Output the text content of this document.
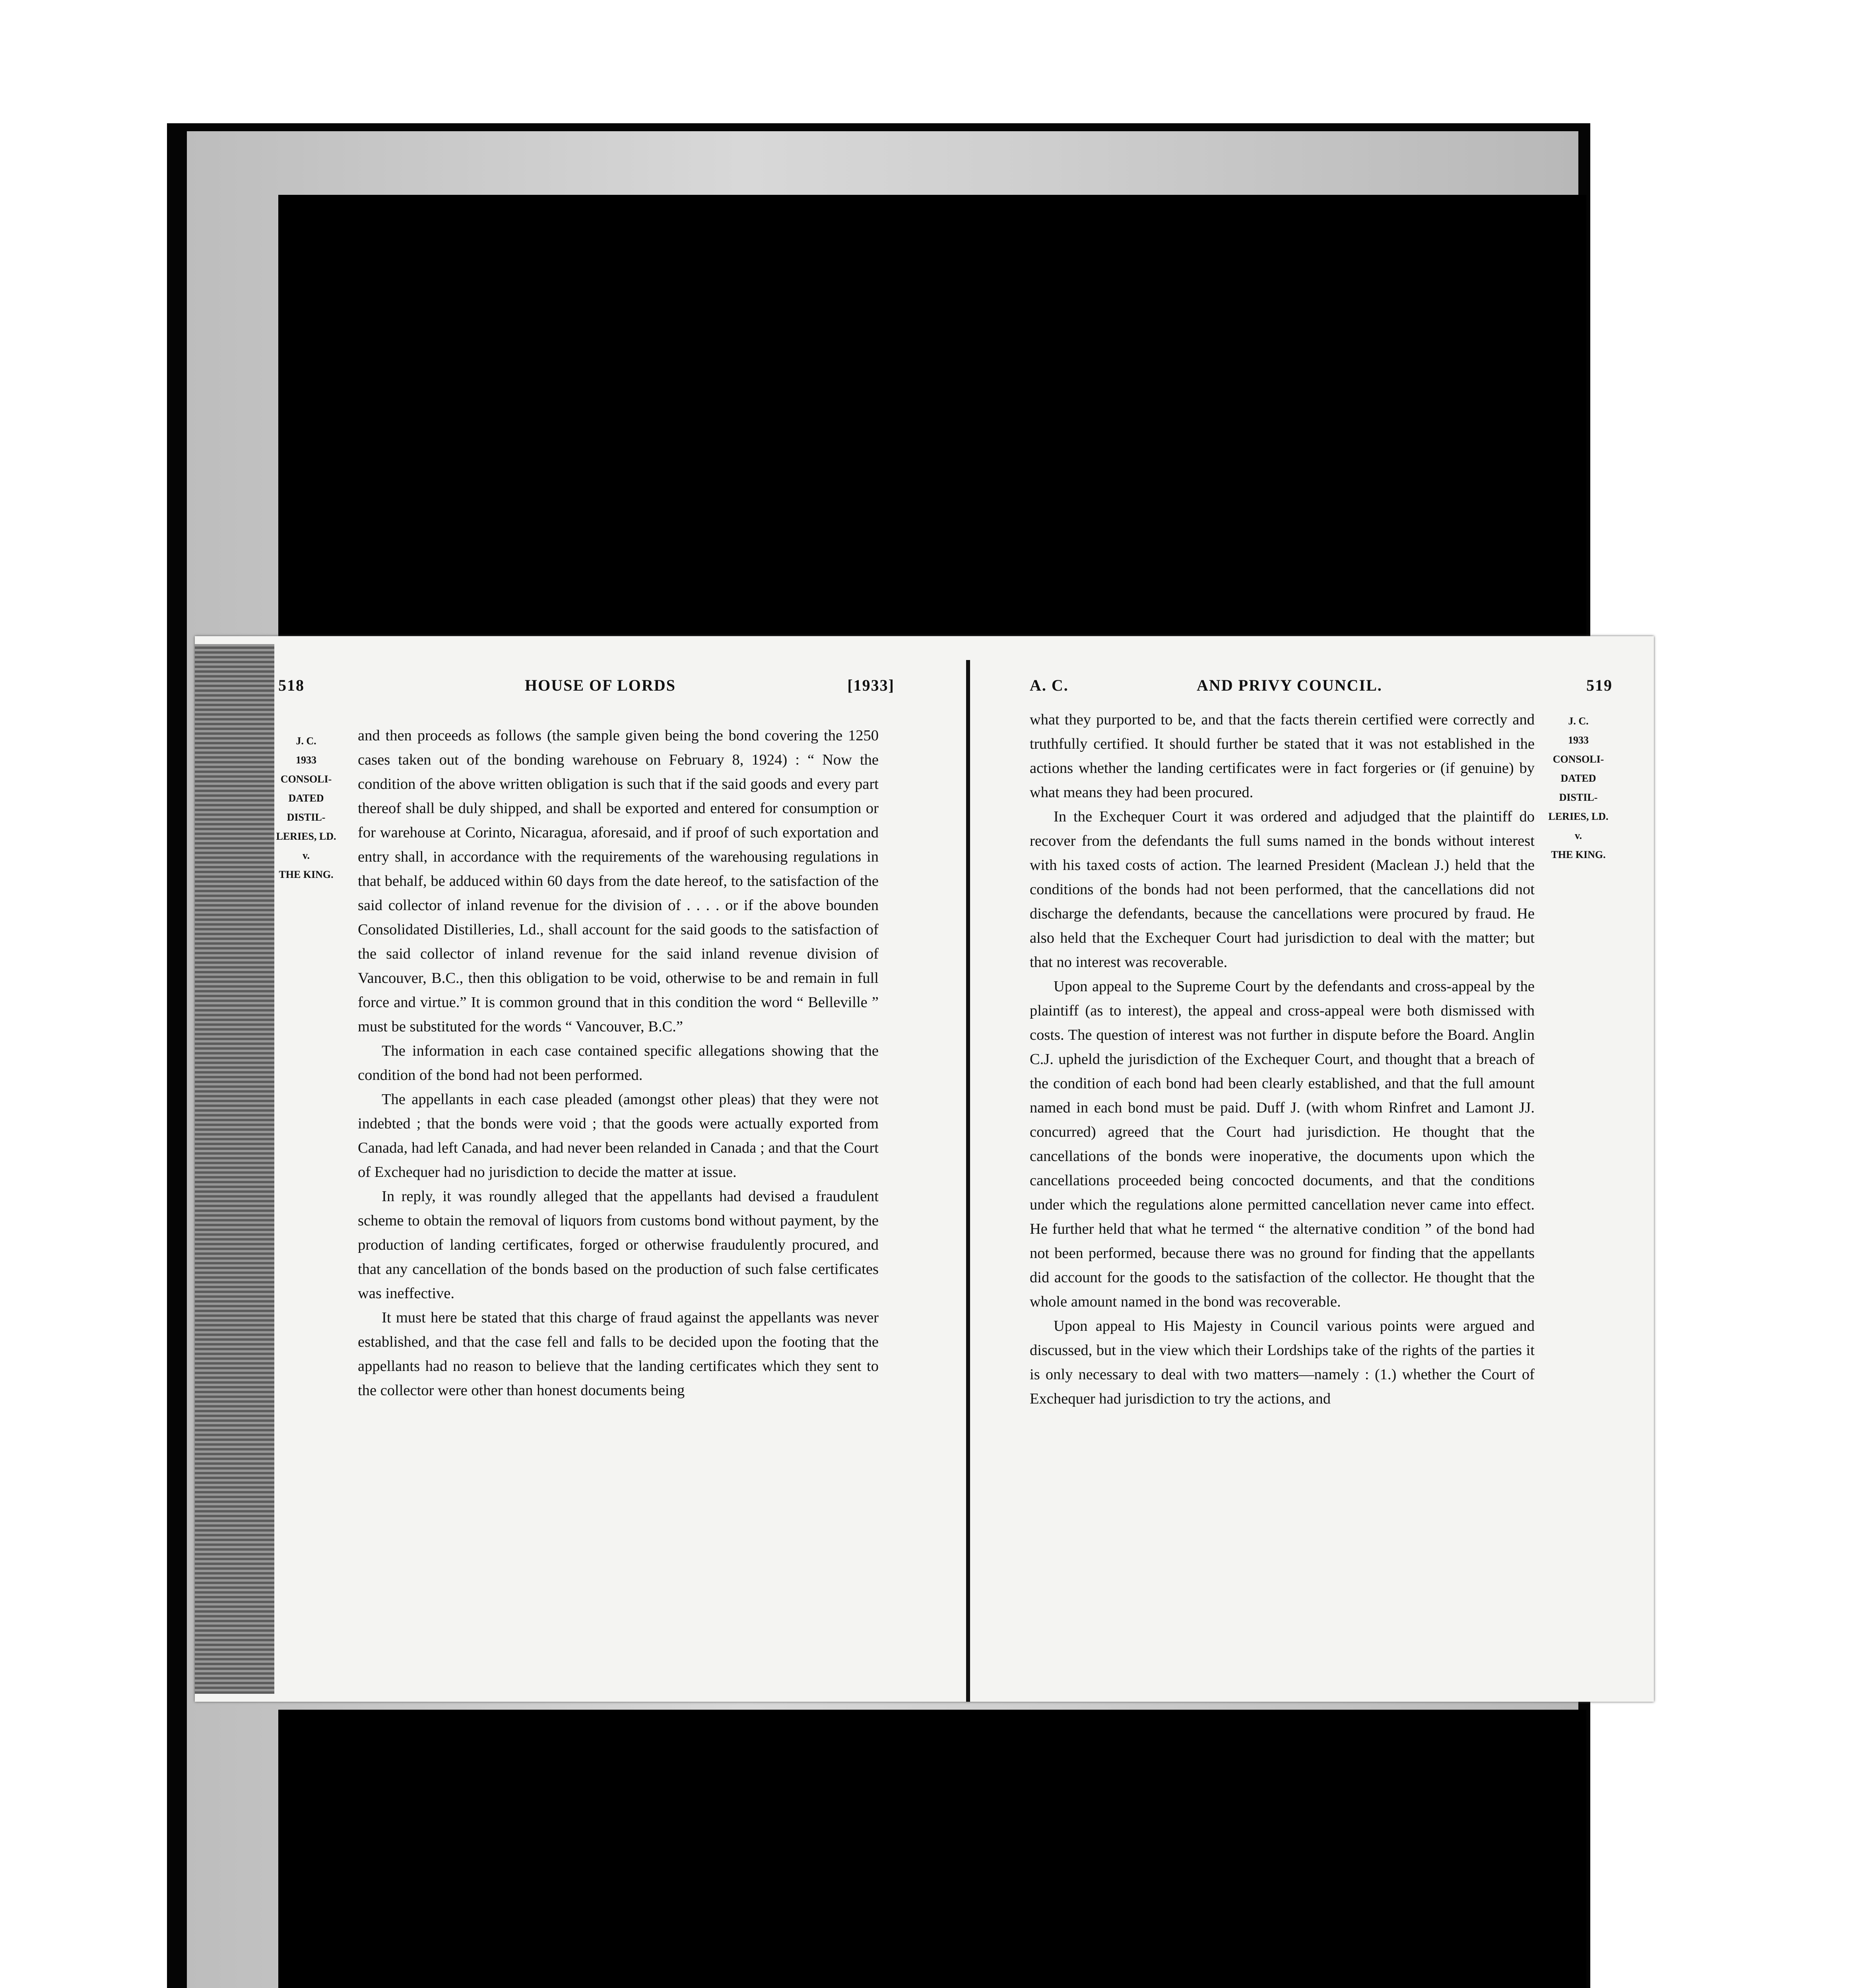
518	HOUSE OF LORDS	[1933]
J. C.
1933
CONSOLI-
DATED
DISTIL-
LERIES, LD.
v.
THE KING.

and then proceeds as follows (the sample given being the bond covering the 1250 cases taken out of the bonding warehouse on February 8, 1924) : “ Now the condition of the above written obligation is such that if the said goods and every part thereof shall be duly shipped, and shall be exported and entered for consumption or for warehouse at Corinto, Nicaragua, aforesaid, and if proof of such exportation and entry shall, in accordance with the requirements of the warehousing regulations in that behalf, be adduced within 60 days from the date hereof, to the satisfaction of the said collector of inland revenue for the division of . . . . or if the above bounden Consolidated Distilleries, Ld., shall account for the said goods to the satisfaction of the said collector of inland revenue for the said inland revenue division of Vancouver, B.C., then this obligation to be void, otherwise to be and remain in full force and virtue.” It is common ground that in this condition the word “ Belleville ” must be substituted for the words “ Vancouver, B.C.”

The information in each case contained specific allegations showing that the condition of the bond had not been performed.

The appellants in each case pleaded (amongst other pleas) that they were not indebted ; that the bonds were void ; that the goods were actually exported from Canada, had left Canada, and had never been relanded in Canada ; and that the Court of Exchequer had no jurisdiction to decide the matter at issue.

In reply, it was roundly alleged that the appellants had devised a fraudulent scheme to obtain the removal of liquors from customs bond without payment, by the production of landing certificates, forged or otherwise fraudulently procured, and that any cancellation of the bonds based on the production of such false certificates was ineffective.

It must here be stated that this charge of fraud against the appellants was never established, and that the case fell and falls to be decided upon the footing that the appellants had no reason to believe that the landing certificates which they sent to the collector were other than honest documents being

A. C.	AND PRIVY COUNCIL.	519
J. C.
1933
CONSOLI-
DATED
DISTIL-
LERIES, LD.
v.
THE KING.

what they purported to be, and that the facts therein certified were correctly and truthfully certified. It should further be stated that it was not established in the actions whether the landing certificates were in fact forgeries or (if genuine) by what means they had been procured.

In the Exchequer Court it was ordered and adjudged that the plaintiff do recover from the defendants the full sums named in the bonds without interest with his taxed costs of action. The learned President (Maclean J.) held that the conditions of the bonds had not been performed, that the cancellations did not discharge the defendants, because the cancellations were procured by fraud. He also held that the Exchequer Court had jurisdiction to deal with the matter; but that no interest was recoverable.

Upon appeal to the Supreme Court by the defendants and cross-appeal by the plaintiff (as to interest), the appeal and cross-appeal were both dismissed with costs. The question of interest was not further in dispute before the Board. Anglin C.J. upheld the jurisdiction of the Exchequer Court, and thought that a breach of the condition of each bond had been clearly established, and that the full amount named in each bond must be paid. Duff J. (with whom Rinfret and Lamont JJ. concurred) agreed that the Court had jurisdiction. He thought that the cancellations of the bonds were inoperative, the documents upon which the cancellations proceeded being concocted documents, and that the conditions under which the regulations alone permitted cancellation never came into effect. He further held that what he termed “ the alternative condition ” of the bond had not been performed, because there was no ground for finding that the appellants did account for the goods to the satisfaction of the collector. He thought that the whole amount named in the bond was recoverable.

Upon appeal to His Majesty in Council various points were argued and discussed, but in the view which their Lordships take of the rights of the parties it is only necessary to deal with two matters—namely : (1.) whether the Court of Exchequer had jurisdiction to try the actions, and
